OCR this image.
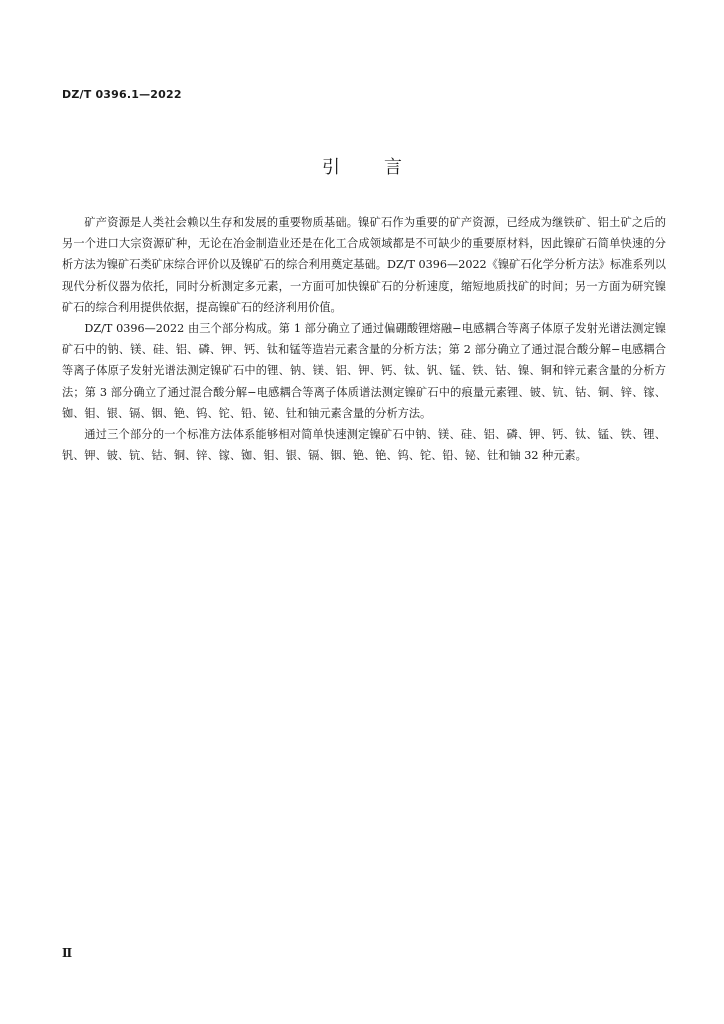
DZ/T 0396.1—2022
引言

矿产资源是人类社会赖以生存和发展的重要物质基础。镍矿石作为重要的矿产资源，已经成为继铁矿、铝土矿之后的另一个进口大宗资源矿种，无论在冶金制造业还是在化工合成领域都是不可缺少的重要原材料，因此镍矿石简单快速的分析方法为镍矿石类矿床综合评价以及镍矿石的综合利用奠定基础。DZ/T 0396—2022《镍矿石化学分析方法》标准系列以现代分析仪器为依托，同时分析测定多元素，一方面可加快镍矿石的分析速度，缩短地质找矿的时间；另一方面为研究镍矿石的综合利用提供依据，提高镍矿石的经济利用价值。

DZ/T 0396—2022 由三个部分构成。第 1 部分确立了通过偏硼酸锂熔融−电感耦合等离子体原子发射光谱法测定镍矿石中的钠、镁、硅、铝、磷、钾、钙、钛和锰等造岩元素含量的分析方法；第 2 部分确立了通过混合酸分解−电感耦合等离子体原子发射光谱法测定镍矿石中的锂、钠、镁、铝、钾、钙、钛、钒、锰、铁、钴、镍、铜和锌元素含量的分析方法；第 3 部分确立了通过混合酸分解−电感耦合等离子体质谱法测定镍矿石中的痕量元素锂、铍、钪、钴、铜、锌、镓、铷、钼、银、镉、铟、铯、钨、铊、铅、铋、钍和铀元素含量的分析方法。

通过三个部分的一个标准方法体系能够相对简单快速测定镍矿石中钠、镁、硅、铝、磷、钾、钙、钛、锰、铁、锂、钒、钾、铍、钪、钴、铜、锌、镓、铷、钼、银、镉、铟、铯、铯、钨、铊、铅、铋、钍和铀 32 种元素。

Ⅱ
